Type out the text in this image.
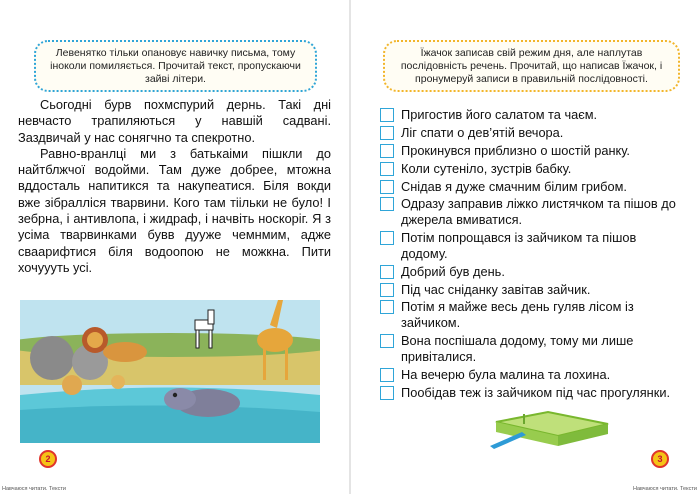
Левенятко тільки опановує навичку письма, тому іноколи помиляється. Прочитай текст, пропускаючи зайві літери.

Сьогодні бурв похмспурий дернь. Такі дні невчасто трапиляються у навшій садвані. Заздвичай у нас сонягчно та спекротно.

Равно-вранлці ми з батькаіми пішкли до найтблжчої водойми. Там дуже добрее, мтожна вддосталь напитикся та накупеатися. Біля вокди вже зібралліся тварвини. Кого там тіільки не було! І зебрна, і антивлопа, і жидраф, і начвіть носкоріг. Я з усіма тварвинками бувв дууже чемнмим, адже сваарифтися біля водоопою не можкна. Пити хочуууть усі.

2
Навчаюся читати. Тексти
Їжачок записав свій режим дня, але наплутав послідовність речень. Прочитай, що написав Їжачок, і пронумеруй записи в правильній послідовності.
Пригостив його салатом та чаєм.
Ліг спати о дев’ятій вечора.
Прокинувся приблизно о шостій ранку.
Коли сутеніло, зустрів бабку.
Снідав я дуже смачним білим грибом.
Одразу заправив ліжко листячком та пішов до джерела вмиватися.
Потім попрощався із зайчиком та пішов додому.
Добрий був день.
Під час сніданку завітав зайчик.
Потім я майже весь день гуляв лісом із зайчиком.
Вона поспішала додому, тому ми лише привіталися.
На вечерю була малина та лохина.
Пообідав теж із зайчиком під час прогулянки.
3
Навчаюся читати. Тексти
